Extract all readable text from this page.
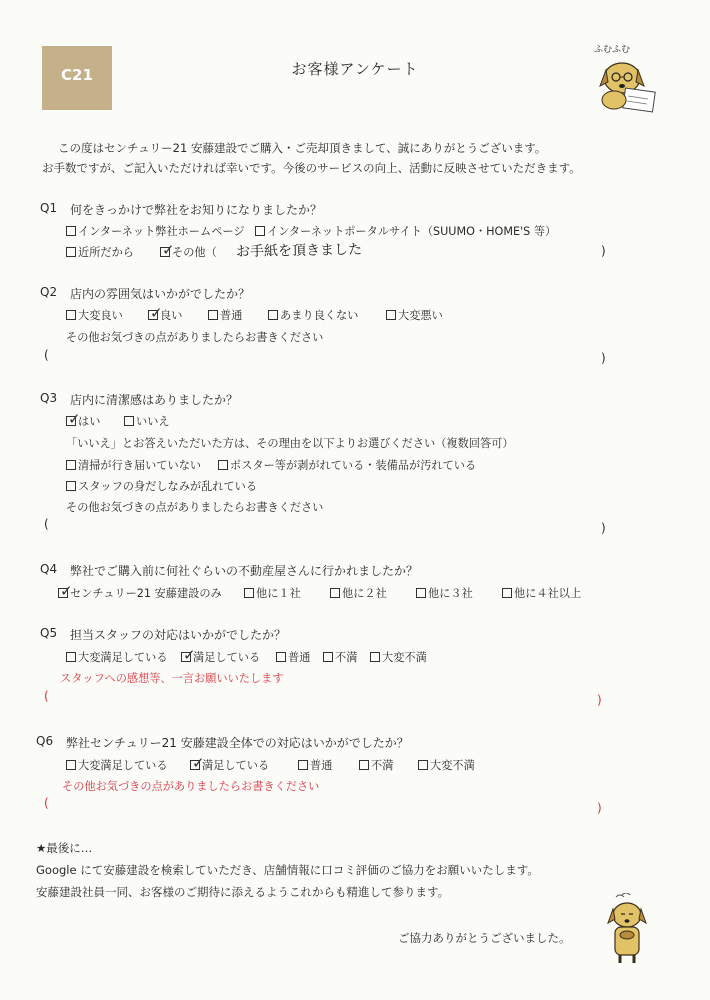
C21	お客様アンケート
ふむふむ
この度はセンチュリー21 安藤建設でご購入・ご売却頂きまして、誠にありがとうございます。
お手数ですが、ご記入いただければ幸いです。今後のサービスの向上、活動に反映させていただきます。
Q1 何をきっかけで弊社をお知りになりましたか？
インターネット弊社ホームページ インターネットポータルサイト（SUUMO・HOME'S 等）
近所だから ✓
その他（ お手紙を頂きました	)
Q2 店内の雰囲気はいかがでしたか？
大変良い ✓
良い	普通	あまり良くない	大変悪い
その他お気づきの点がありましたらお書きください
(	)
Q3 店内に清潔感はありましたか？
✓
はい	いいえ
「いいえ」とお答えいただいた方は、その理由を以下よりお選びください（複数回答可）
清掃が行き届いていない	ポスター等が剥がれている・装備品が汚れている
スタッフの身だしなみが乱れている
その他お気づきの点がありましたらお書きください
(	)
Q4 弊社でご購入前に何社ぐらいの不動産屋さんに行かれましたか？
✓
センチュリー21 安藤建設のみ	他に１社	他に２社	他に３社	他に４社以上
Q5 担当スタッフの対応はいかがでしたか？
大変満足している ✓
満足している 普通 不満 大変不満
スタッフへの感想等、一言お願いいたします
(	)
Q6 弊社センチュリー21 安藤建設全体での対応はいかがでしたか？
大変満足している ✓
満足している	普通	不満	大変不満
その他お気づきの点がありましたらお書きください
(	)
★最後に…
Google にて安藤建設を検索していただき、店舗情報に口コミ評価のご協力をお願いいたします。
安藤建設社員一同、お客様のご期待に添えるようこれからも精進して参ります。
ご協力ありがとうございました。
